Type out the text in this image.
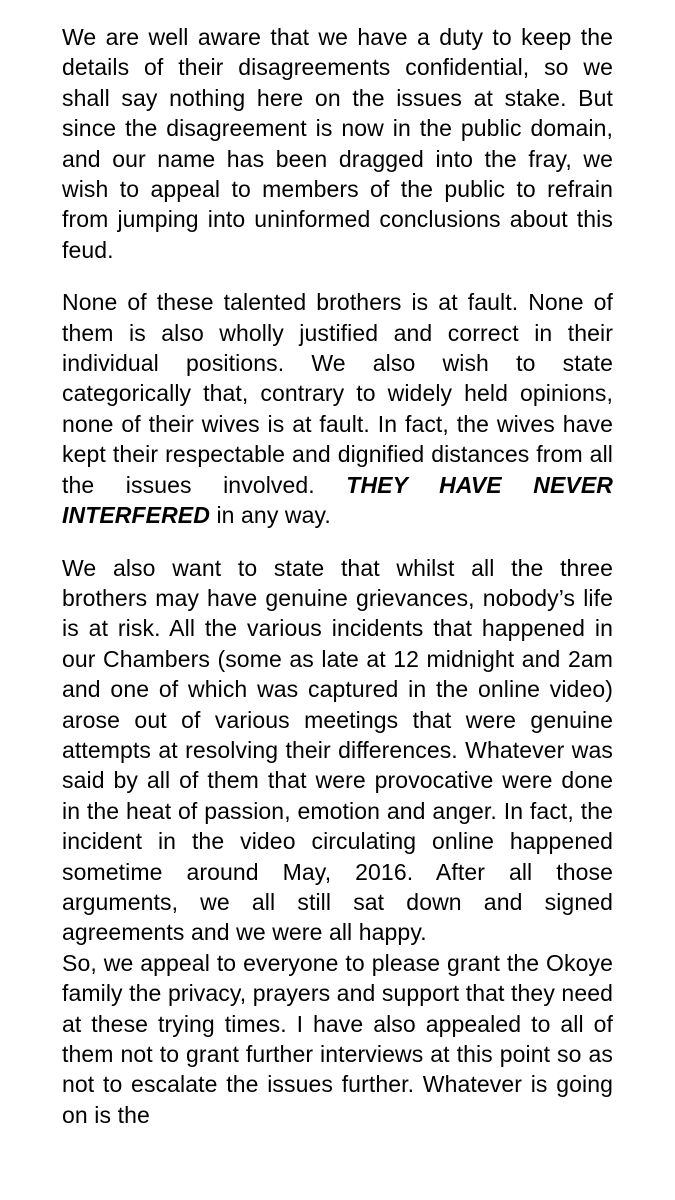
We are well aware that we have a duty to keep the details of their disagreements confidential, so we shall say nothing here on the issues at stake. But since the disagreement is now in the public domain, and our name has been dragged into the fray, we wish to appeal to members of the public to refrain from jumping into uninformed conclusions about this feud.

None of these talented brothers is at fault. None of them is also wholly justified and correct in their individual positions. We also wish to state categorically that, contrary to widely held opinions, none of their wives is at fault. In fact, the wives have kept their respectable and dignified distances from all the issues involved. THEY HAVE NEVER INTERFERED in any way.

We also want to state that whilst all the three brothers may have genuine grievances, nobody’s life is at risk. All the various incidents that happened in our Chambers (some as late at 12 midnight and 2am and one of which was captured in the online video) arose out of various meetings that were genuine attempts at resolving their differences. Whatever was said by all of them that were provocative were done in the heat of passion, emotion and anger. In fact, the incident in the video circulating online happened sometime around May, 2016. After all those arguments, we all still sat down and signed agreements and we were all happy.

So, we appeal to everyone to please grant the Okoye family the privacy, prayers and support that they need at these trying times. I have also appealed to all of them not to grant further interviews at this point so as not to escalate the issues further. Whatever is going on is the
